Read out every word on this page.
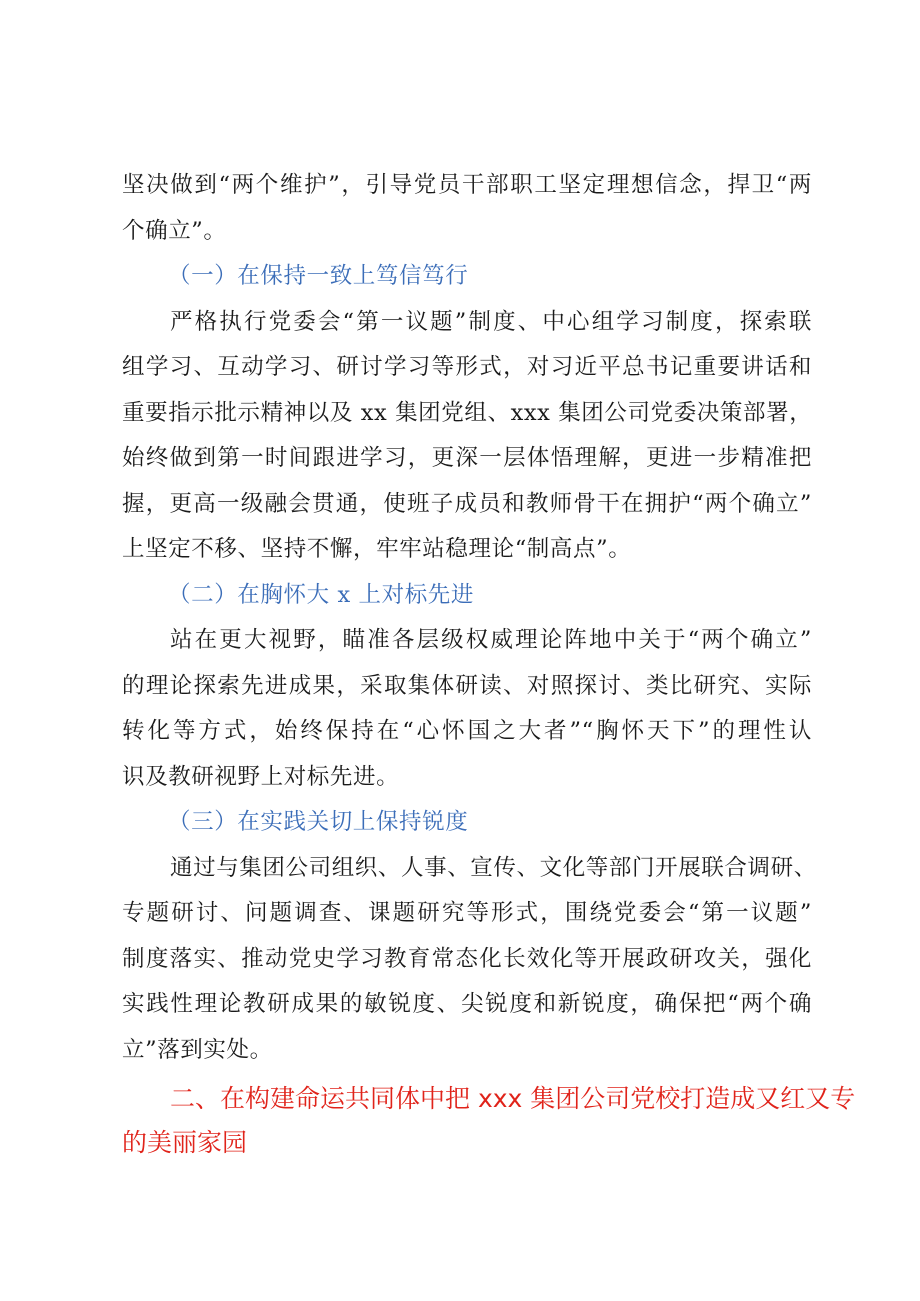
坚决做到“两个维护”，引导党员干部职工坚定理想信念，捍卫“两
个确立”。
（一）在保持一致上笃信笃行
严格执行党委会“第一议题”制度、中心组学习制度，探索联
组学习、互动学习、研讨学习等形式，对习近平总书记重要讲话和
重要指示批示精神以及 xx 集团党组、xxx 集团公司党委决策部署，
始终做到第一时间跟进学习，更深一层体悟理解，更进一步精准把
握，更高一级融会贯通，使班子成员和教师骨干在拥护“两个确立”
上坚定不移、坚持不懈，牢牢站稳理论“制高点”。
（二）在胸怀大 x 上对标先进
站在更大视野，瞄准各层级权威理论阵地中关于“两个确立”
的理论探索先进成果，采取集体研读、对照探讨、类比研究、实际
转化等方式，始终保持在“心怀国之大者”“胸怀天下”的理性认
识及教研视野上对标先进。
（三）在实践关切上保持锐度
通过与集团公司组织、人事、宣传、文化等部门开展联合调研、
专题研讨、问题调查、课题研究等形式，围绕党委会“第一议题”
制度落实、推动党史学习教育常态化长效化等开展政研攻关，强化
实践性理论教研成果的敏锐度、尖锐度和新锐度，确保把“两个确
立”落到实处。
二、在构建命运共同体中把 xxx 集团公司党校打造成又红又专
的美丽家园
